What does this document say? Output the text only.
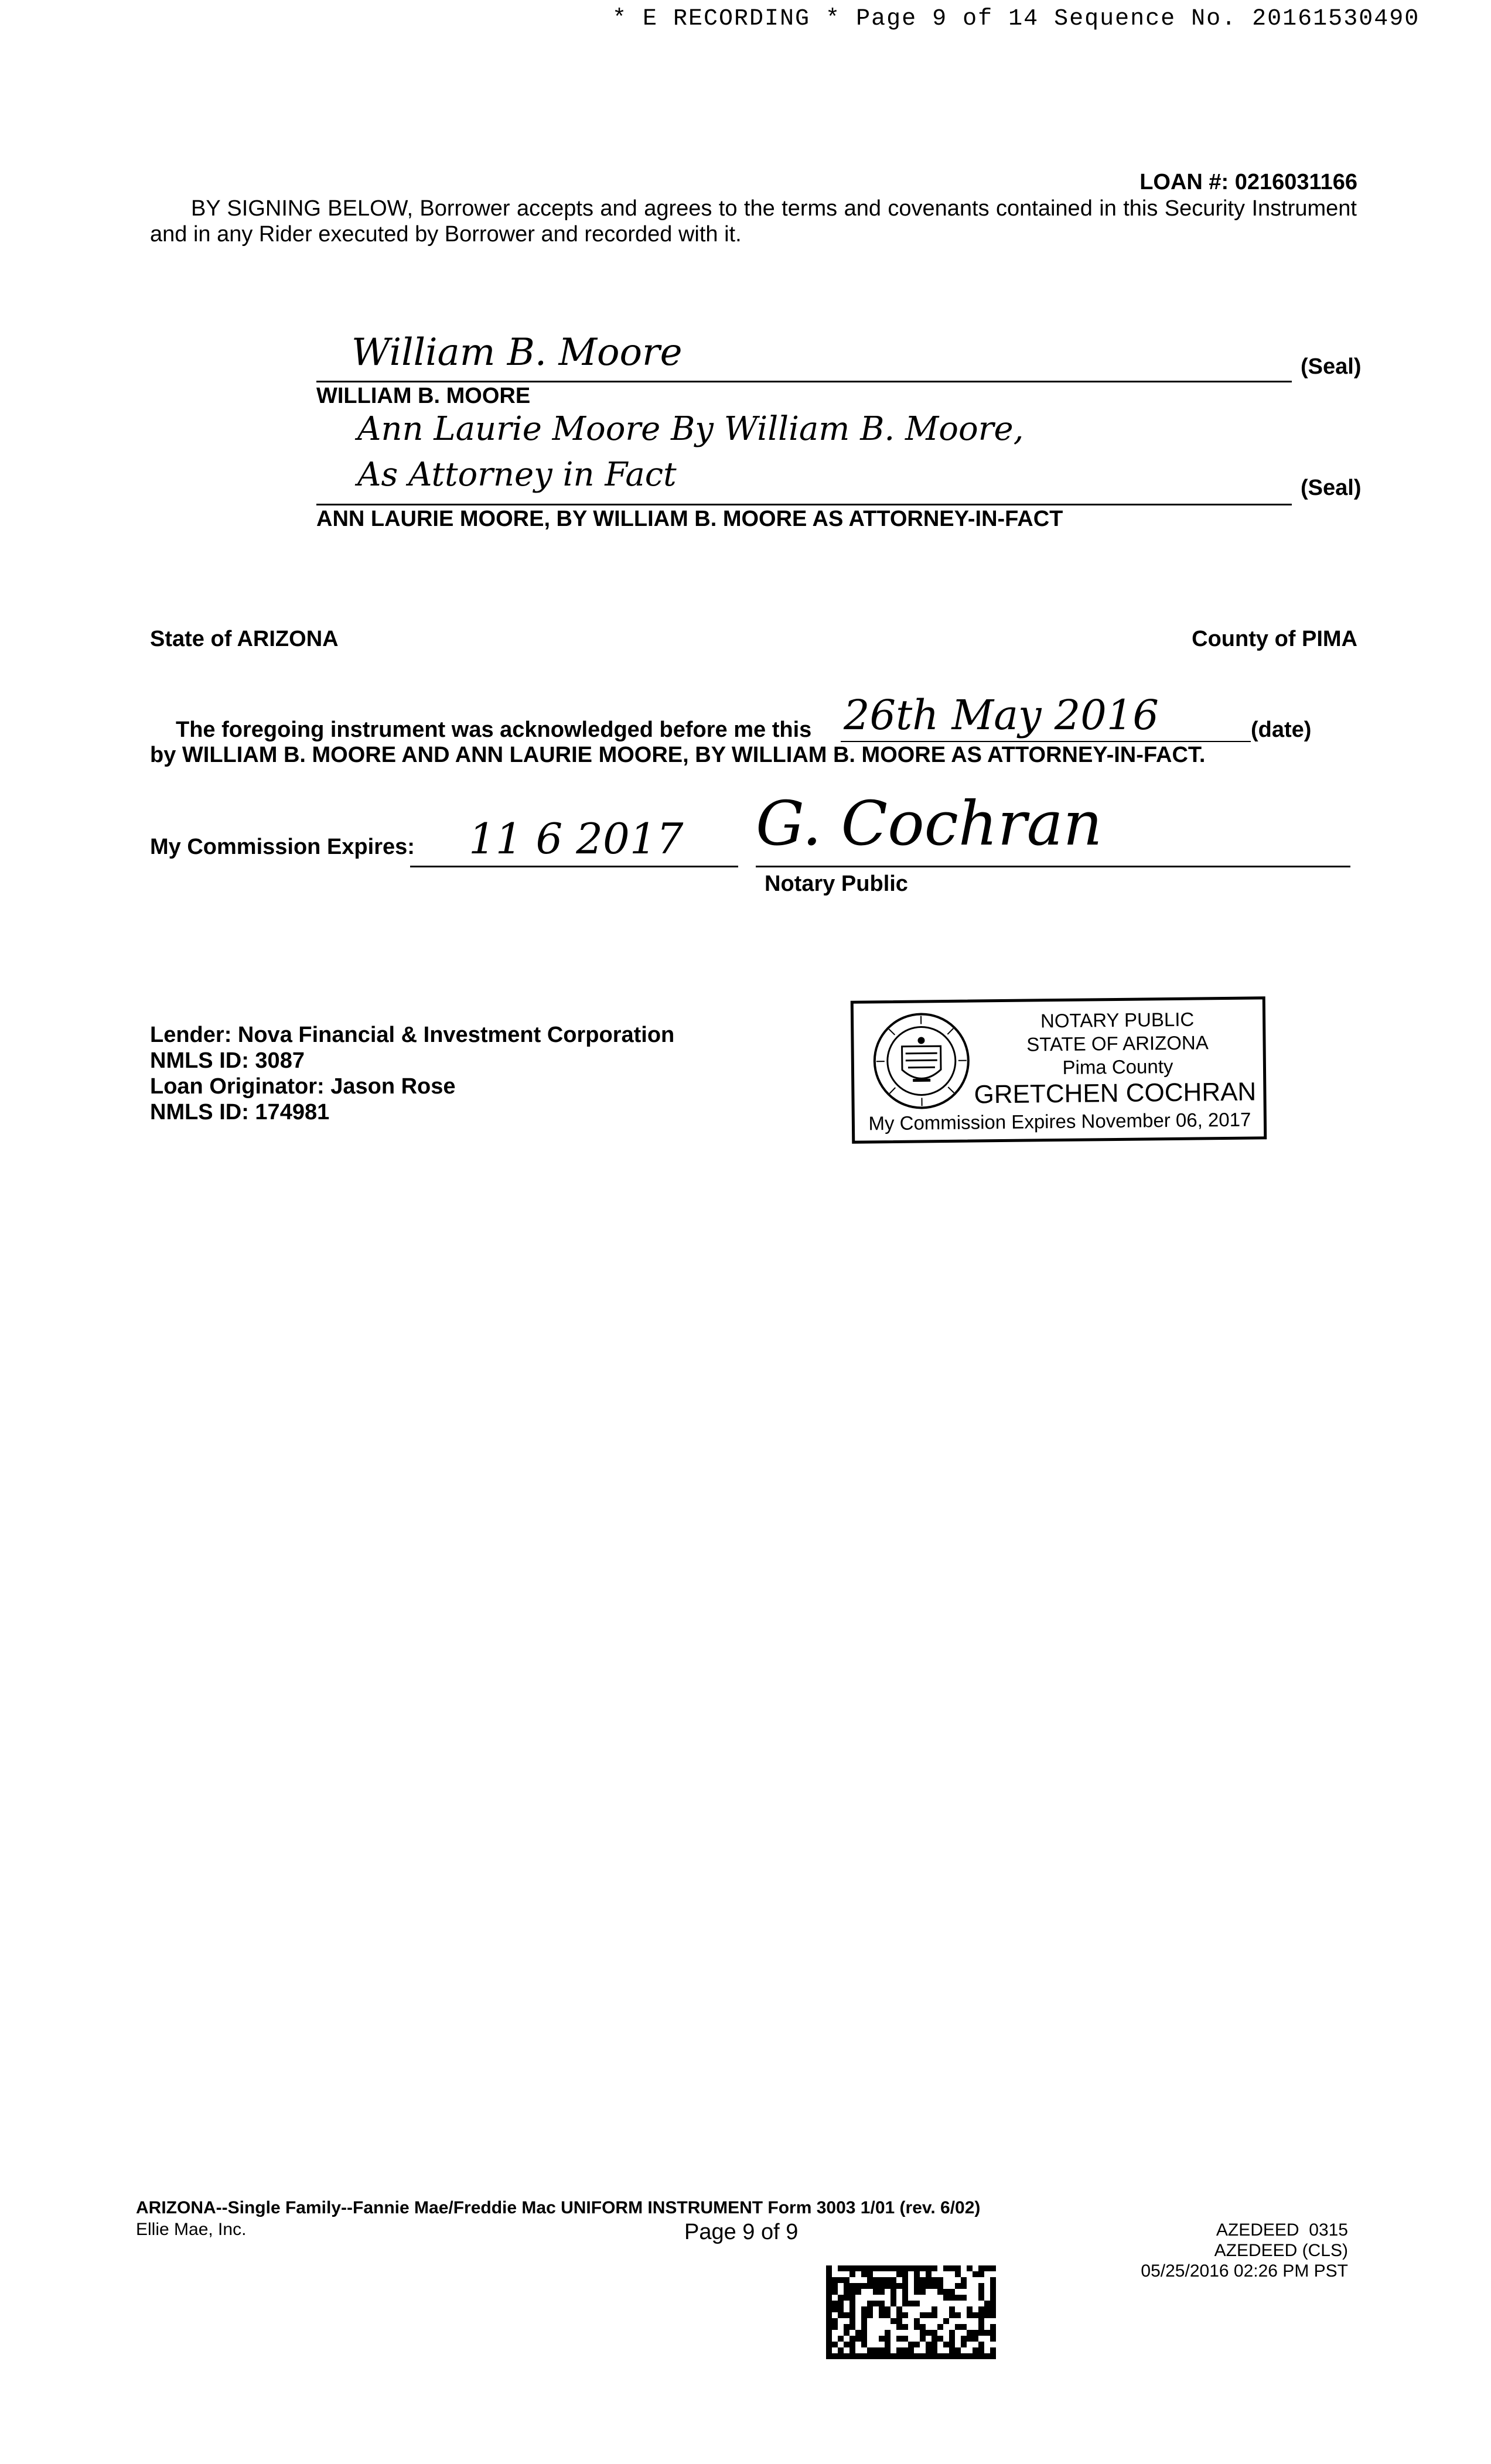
* E RECORDING * Page 9 of 14 Sequence No. 20161530490
LOAN #: 0216031166
BY SIGNING BELOW, Borrower accepts and agrees to the terms and covenants contained in this Security Instrument and in any Rider executed by Borrower and recorded with it.
William B. Moore	(Seal)
WILLIAM B. MOORE
Ann Laurie Moore By William B. Moore,
As Attorney in Fact	(Seal)
ANN LAURIE MOORE, BY WILLIAM B. MOORE AS ATTORNEY-IN-FACT
State of ARIZONA	County of PIMA
The foregoing instrument was acknowledged before me this 26th May 2016	(date)
by WILLIAM B. MOORE AND ANN LAURIE MOORE, BY WILLIAM B. MOORE AS ATTORNEY-IN-FACT.
My Commission Expires: 11 6 2017 G. Cochran
Notary Public
Lender: Nova Financial & Investment Corporation
NMLS ID: 3087
Loan Originator: Jason Rose
NMLS ID: 174981
NOTARY PUBLIC
STATE OF ARIZONA
Pima County
GRETCHEN COCHRAN
My Commission Expires November 06, 2017
ARIZONA--Single Family--Fannie Mae/Freddie Mac UNIFORM INSTRUMENT Form 3003 1/01 (rev. 6/02)
Ellie Mae, Inc.	Page 9 of 9	AZEDEED  0315
AZEDEED (CLS)
05/25/2016 02:26 PM PST
